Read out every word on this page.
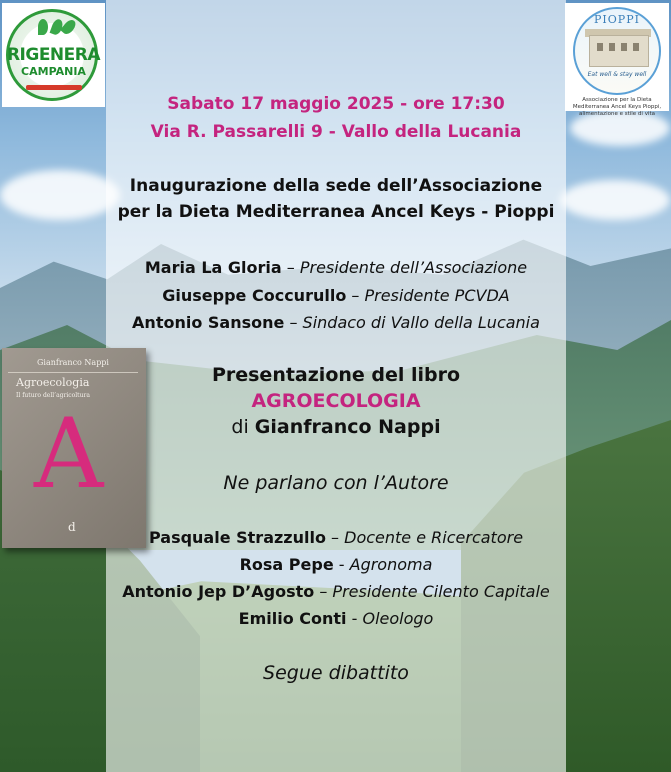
RIGENERA
CAMPANIA
PIOPPI
Eat well & stay well
Associazione per la Dieta Mediterranea Ancel Keys Pioppi, alimentazione e stile di vita
Sabato 17 maggio 2025 - ore 17:30
Via R. Passarelli 9 - Vallo della Lucania
Inaugurazione della sede dell’Associazione
per la Dieta Mediterranea Ancel Keys - Pioppi
Maria La Gloria – Presidente dell’Associazione
Giuseppe Coccurullo – Presidente PCVDA
Antonio Sansone – Sindaco di Vallo della Lucania
Presentazione del libro
AGROECOLOGIA
di Gianfranco Nappi
Ne parlano con l’Autore
Pasquale Strazzullo – Docente e Ricercatore
Rosa Pepe - Agronoma
Antonio Jep D’Agosto – Presidente Cilento Capitale
Emilio Conti - Oleologo
Segue dibattito
Gianfranco Nappi
Agroecologia
Il futuro dell’agricoltura
A
d
